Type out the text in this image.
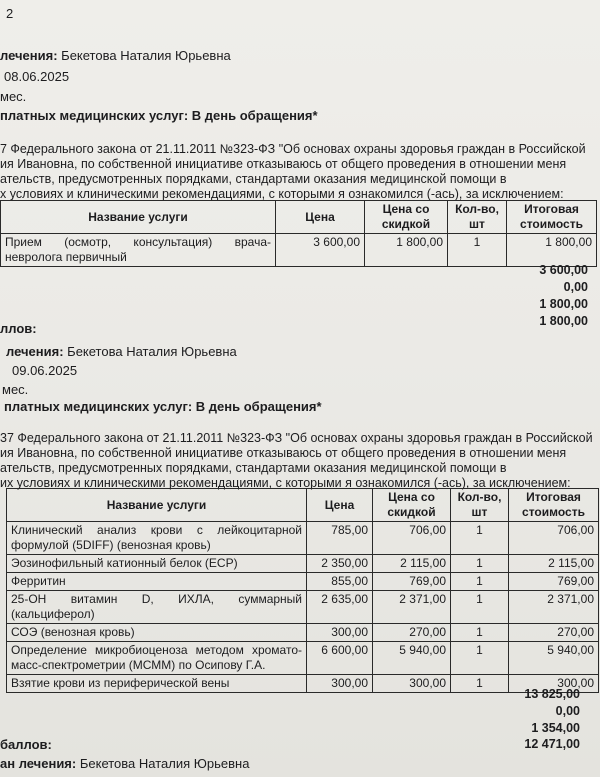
2
лечения: Бекетова Наталия Юрьевна
08.06.2025
мес.
платных медицинских услуг: В день обращения*
7 Федерального закона от 21.11.2011 №323-ФЗ "Об основах охраны здоровья граждан в Российской
ия Ивановна, по собственной инициативе отказываюсь от общего проведения в отношении меня
ательств, предусмотренных порядками, стандартами оказания медицинской помощи в
х условиях и клиническими рекомендациями, с которыми я ознакомился (-ась), за исключением:
Название услуги	Цена	Цена со скидкой	Кол-во, шт	Итоговая стоимость
Прием (осмотр, консультация) врача-невролога первичный	3 600,00	1 800,00	1	1 800,00
3 600,00
0,00
1 800,00
1 800,00
ллов:
лечения: Бекетова Наталия Юрьевна
09.06.2025
мес.
платных медицинских услуг: В день обращения*
37 Федерального закона от 21.11.2011 №323-ФЗ "Об основах охраны здоровья граждан в Российской
ия Ивановна, по собственной инициативе отказываюсь от общего проведения в отношении меня
ательств, предусмотренных порядками, стандартами оказания медицинской помощи в
их условиях и клиническими рекомендациями, с которыми я ознакомился (-ась), за исключением:
Название услуги	Цена	Цена со скидкой	Кол-во, шт	Итоговая стоимость
Клинический анализ крови с лейкоцитарной формулой (5DIFF) (венозная кровь)	785,00	706,00	1	706,00
Эозинофильный катионный белок (ECP)	2 350,00	2 115,00	1	2 115,00
Ферритин	855,00	769,00	1	769,00
25-OH витамин D, ИХЛА, суммарный (кальциферол)	2 635,00	2 371,00	1	2 371,00
СОЭ (венозная кровь)	300,00	270,00	1	270,00
Определение микробиоценоза методом хромато-масс-спектрометрии (МСММ) по Осипову Г.А.	6 600,00	5 940,00	1	5 940,00
Взятие крови из периферической вены	300,00	300,00	1	300,00
13 825,00
0,00
1 354,00
12 471,00
баллов:
ан лечения: Бекетова Наталия Юрьевна
